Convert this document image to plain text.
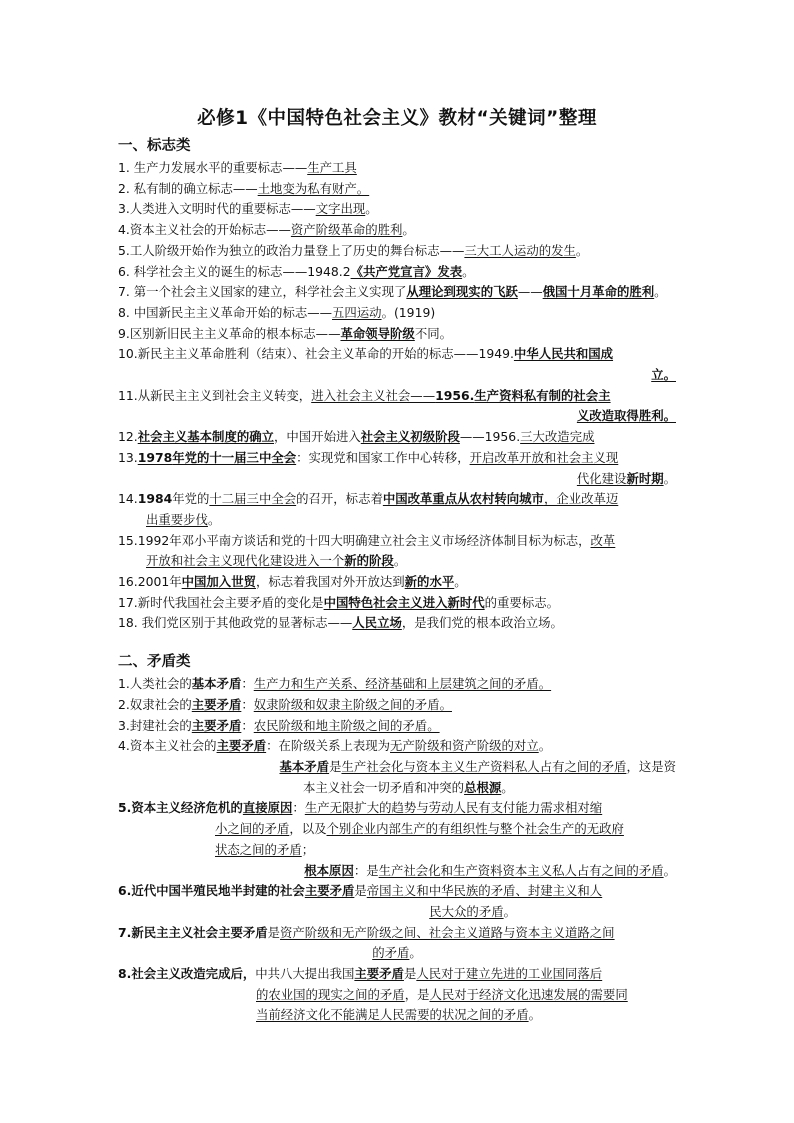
必修1《中国特色社会主义》教材“关键词”整理
一、标志类
1. 生产力发展水平的重要标志——生产工具
2. 私有制的确立标志——土地变为私有财产。
3.人类进入文明时代的重要标志——文字出现。
4.资本主义社会的开始标志——资产阶级革命的胜利。
5.工人阶级开始作为独立的政治力量登上了历史的舞台标志——三大工人运动的发生。
6. 科学社会主义的诞生的标志——1948.2《共产党宣言》发表。
7. 第一个社会主义国家的建立，科学社会主义实现了从理论到现实的飞跃——俄国十月革命的胜利。
8. 中国新民主主义革命开始的标志——五四运动。(1919)
9.区别新旧民主主义革命的根本标志——革命领导阶级不同。
10.新民主主义革命胜利（结束）、社会主义革命的开始的标志——1949.中华人民共和国成
立。
11.从新民主主义到社会主义转变，进入社会主义社会——1956.生产资料私有制的社会主
义改造取得胜利。
12.社会主义基本制度的确立，中国开始进入社会主义初级阶段——1956.三大改造完成
13.1978年党的十一届三中全会：实现党和国家工作中心转移，开启改革开放和社会主义现
代化建设新时期。
14.1984年党的十二届三中全会的召开，标志着中国改革重点从农村转向城市，企业改革迈
出重要步伐。
15.1992年邓小平南方谈话和党的十四大明确建立社会主义市场经济体制目标为标志，改革
开放和社会主义现代化建设进入一个新的阶段。
16.2001年中国加入世贸，标志着我国对外开放达到新的水平。
17.新时代我国社会主要矛盾的变化是中国特色社会主义进入新时代的重要标志。
18. 我们党区别于其他政党的显著标志——人民立场，是我们党的根本政治立场。
二、矛盾类
1.人类社会的基本矛盾：生产力和生产关系、经济基础和上层建筑之间的矛盾。
2.奴隶社会的主要矛盾：奴隶阶级和奴隶主阶级之间的矛盾。
3.封建社会的主要矛盾：农民阶级和地主阶级之间的矛盾。
4.资本主义社会的主要矛盾：在阶级关系上表现为无产阶级和资产阶级的对立。
基本矛盾是生产社会化与资本主义生产资料私人占有之间的矛盾，这是资
本主义社会一切矛盾和冲突的总根源。
5.资本主义经济危机的直接原因：生产无限扩大的趋势与劳动人民有支付能力需求相对缩
小之间的矛盾，以及个别企业内部生产的有组织性与整个社会生产的无政府
状态之间的矛盾；
根本原因：是生产社会化和生产资料资本主义私人占有之间的矛盾。
6.近代中国半殖民地半封建的社会主要矛盾是帝国主义和中华民族的矛盾、封建主义和人
民大众的矛盾。
7.新民主主义社会主要矛盾是资产阶级和无产阶级之间、社会主义道路与资本主义道路之间
的矛盾。
8.社会主义改造完成后，中共八大提出我国主要矛盾是人民对于建立先进的工业国同落后
的农业国的现实之间的矛盾，是人民对于经济文化迅速发展的需要同
当前经济文化不能满足人民需要的状况之间的矛盾。
